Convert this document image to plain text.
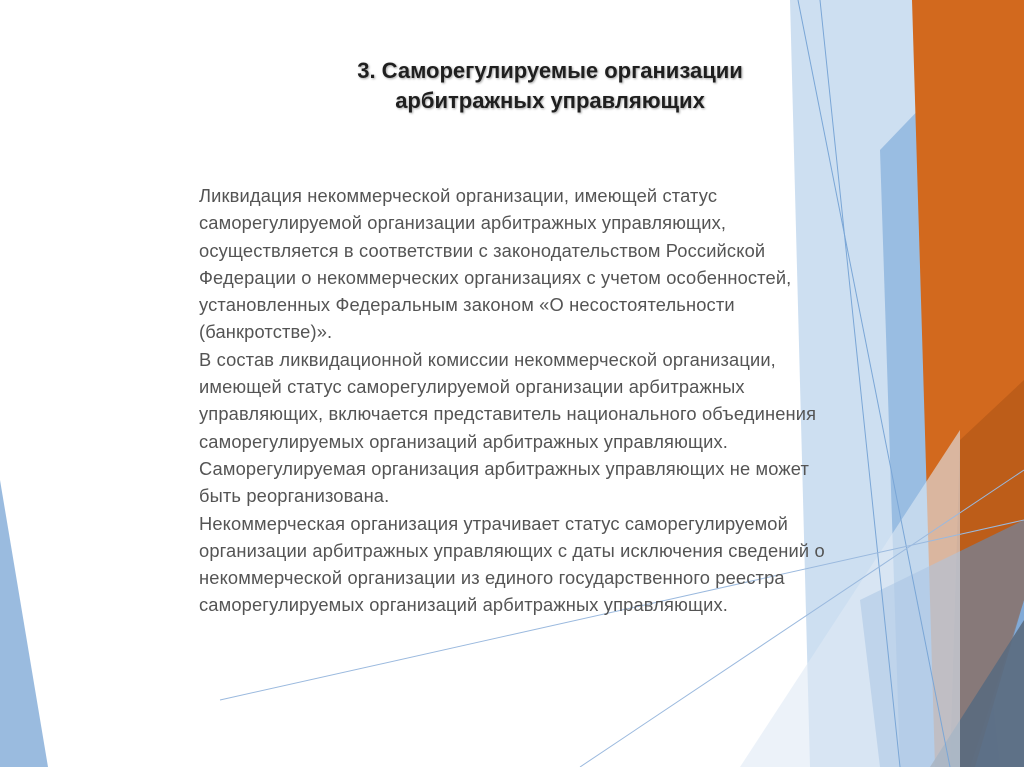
3. Саморегулируемые организации
арбитражных управляющих

Ликвидация некоммерческой организации, имеющей статус

саморегулируемой организации арбитражных управляющих,

осуществляется в соответствии с законодательством Российской

Федерации о некоммерческих организациях с учетом особенностей,

установленных Федеральным законом «О несостоятельности

(банкротстве)».

В состав ликвидационной комиссии некоммерческой организации,

имеющей статус саморегулируемой организации арбитражных

управляющих, включается представитель национального объединения

саморегулируемых организаций арбитражных управляющих.

Саморегулируемая организация арбитражных управляющих не может

быть реорганизована.

Некоммерческая организация утрачивает статус саморегулируемой

организации арбитражных управляющих с даты исключения сведений о

некоммерческой организации из единого государственного реестра

саморегулируемых организаций арбитражных управляющих.
